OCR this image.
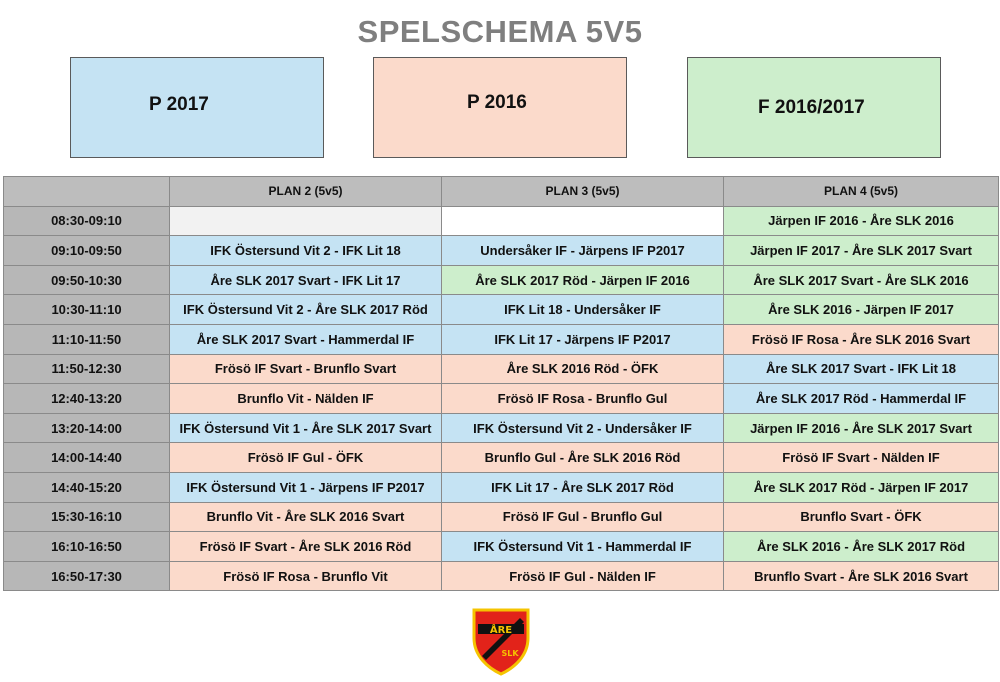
SPELSCHEMA 5V5
P 2017	P 2016	F 2016/2017
	PLAN 2 (5v5)	PLAN 3 (5v5)	PLAN 4 (5v5)
08:30-09:10			Järpen IF 2016 - Åre SLK 2016
09:10-09:50	IFK Östersund Vit 2 - IFK Lit 18	Undersåker IF - Järpens IF P2017	Järpen IF 2017 - Åre SLK 2017 Svart
09:50-10:30	Åre SLK 2017 Svart - IFK Lit 17	Åre SLK 2017 Röd - Järpen IF 2016	Åre SLK 2017 Svart - Åre SLK 2016
10:30-11:10	IFK Östersund Vit 2 - Åre SLK 2017 Röd	IFK Lit 18 - Undersåker IF	Åre SLK 2016 - Järpen IF 2017
11:10-11:50	Åre SLK 2017 Svart - Hammerdal IF	IFK Lit 17 - Järpens IF P2017	Frösö IF Rosa - Åre SLK 2016 Svart
11:50-12:30	Frösö IF Svart - Brunflo Svart	Åre SLK 2016 Röd - ÖFK	Åre SLK 2017 Svart - IFK Lit 18
12:40-13:20	Brunflo Vit - Nälden IF	Frösö IF Rosa - Brunflo Gul	Åre SLK 2017 Röd - Hammerdal IF
13:20-14:00	IFK Östersund Vit 1 - Åre SLK 2017 Svart	IFK Östersund Vit 2 - Undersåker IF	Järpen IF 2016 - Åre SLK 2017 Svart
14:00-14:40	Frösö IF Gul - ÖFK	Brunflo Gul - Åre SLK 2016 Röd	Frösö IF Svart - Nälden IF
14:40-15:20	IFK Östersund Vit 1 - Järpens IF P2017	IFK Lit 17 - Åre SLK 2017 Röd	Åre SLK 2017 Röd - Järpen IF 2017
15:30-16:10	Brunflo Vit - Åre SLK 2016 Svart	Frösö IF Gul - Brunflo Gul	Brunflo Svart - ÖFK
16:10-16:50	Frösö IF Svart - Åre SLK 2016 Röd	IFK Östersund Vit 1 - Hammerdal IF	Åre SLK 2016 - Åre SLK 2017 Röd
16:50-17:30	Frösö IF Rosa - Brunflo Vit	Frösö IF Gul - Nälden IF	Brunflo Svart - Åre SLK 2016 Svart
ÅRE
SLK
